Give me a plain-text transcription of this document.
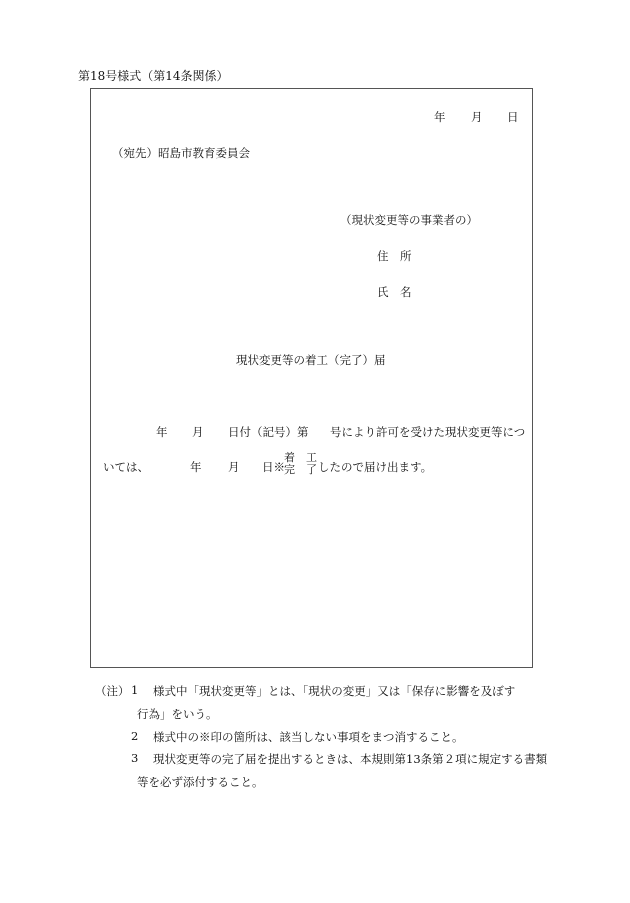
第18号様式（第14条関係）
年 月 日
（宛先）昭島市教育委員会
（現状変更等の事業者の）
住　所
氏　名
現状変更等の着工（完了）届
年 月 日付（記号）第 号により許可を受けた現状変更等につ
いては、	年 月 日※
着
完
工
了 したので届け出ます。
（注） 1 様式中「現状変更等」とは、「現状の変更」又は「保存に影響を及ぼす
行為」をいう。
2 様式中の※印の箇所は、該当しない事項をまつ消すること。
3 現状変更等の完了届を提出するときは、本規則第13条第２項に規定する書類
等を必ず添付すること。
